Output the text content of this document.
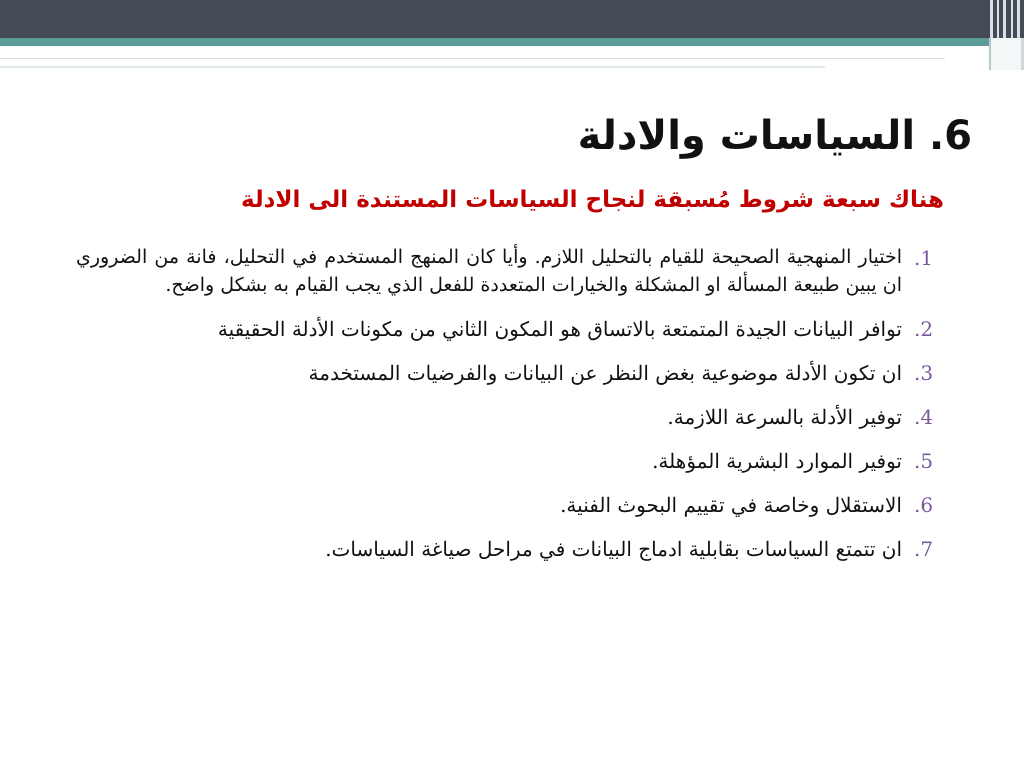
6. السياسات والادلة
هناك سبعة شروط مُسبقة لنجاح السياسات المستندة الى الادلة
.1
اختيار المنهجية الصحيحة للقيام بالتحليل اللازم. وأيا كان المنهج المستخدم في التحليل، فانة من الضروري ان يبين طبيعة المسألة او المشكلة والخيارات المتعددة للفعل الذي يجب القيام به بشكل واضح.
.2
توافر البيانات الجيدة المتمتعة بالاتساق هو المكون الثاني من مكونات الأدلة الحقيقية
.3
ان تكون الأدلة موضوعية بغض النظر عن البيانات والفرضيات المستخدمة
.4
توفير الأدلة بالسرعة اللازمة.
.5
توفير الموارد البشرية المؤهلة.
.6
الاستقلال وخاصة في تقييم البحوث الفنية.
.7
ان تتمتع السياسات بقابلية ادماج البيانات في مراحل صياغة السياسات.
